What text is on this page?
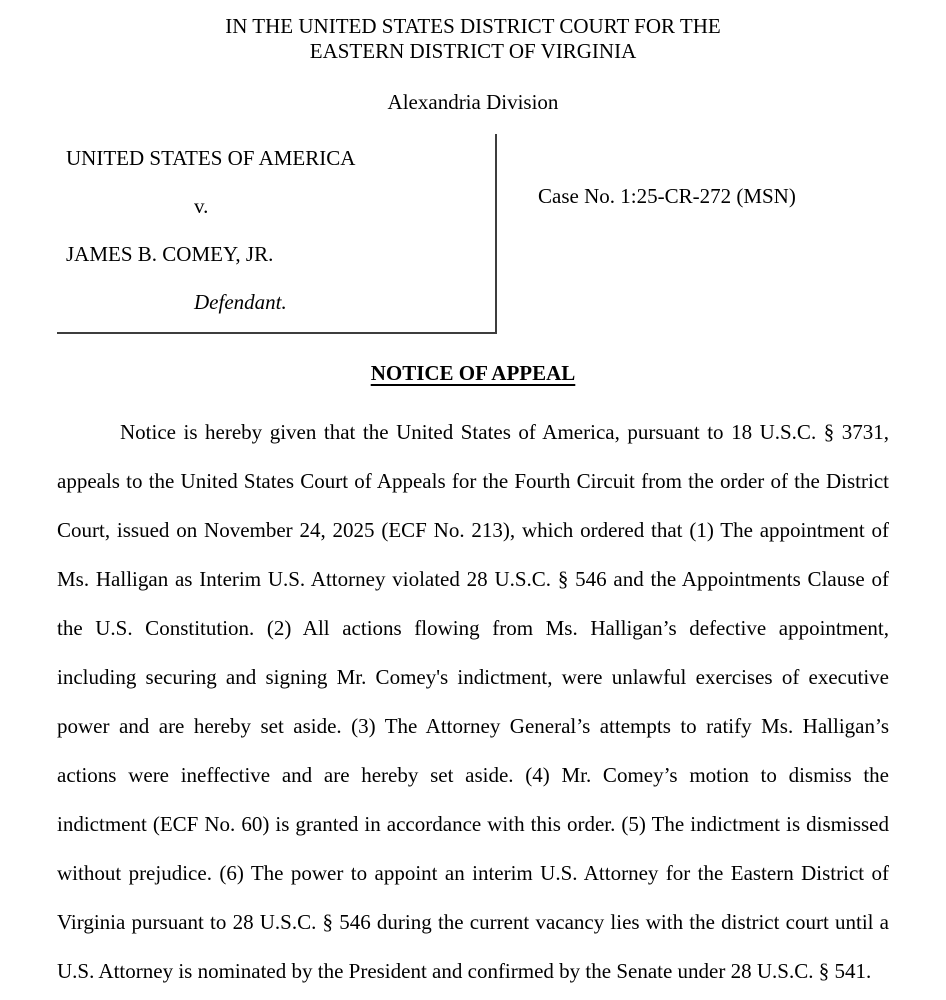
IN THE UNITED STATES DISTRICT COURT FOR THE
EASTERN DISTRICT OF VIRGINIA
Alexandria Division
UNITED STATES OF AMERICA
v.
JAMES B. COMEY, JR.
Defendant.
Case No. 1:25-CR-272 (MSN)
NOTICE OF APPEAL
Notice is hereby given that the United States of America, pursuant to 18 U.S.C. § 3731,
appeals to the United States Court of Appeals for the Fourth Circuit from the order of the District
Court, issued on November 24, 2025 (ECF No. 213), which ordered that (1) The appointment of
Ms. Halligan as Interim U.S. Attorney violated 28 U.S.C. § 546 and the Appointments Clause of
the U.S. Constitution. (2) All actions flowing from Ms. Halligan’s defective appointment,
including securing and signing Mr. Comey's indictment, were unlawful exercises of executive
power and are hereby set aside. (3) The Attorney General’s attempts to ratify Ms. Halligan’s
actions were ineffective and are hereby set aside. (4) Mr. Comey’s motion to dismiss the
indictment (ECF No. 60) is granted in accordance with this order. (5) The indictment is dismissed
without prejudice. (6) The power to appoint an interim U.S. Attorney for the Eastern District of
Virginia pursuant to 28 U.S.C. § 546 during the current vacancy lies with the district court until a
U.S. Attorney is nominated by the President and confirmed by the Senate under 28 U.S.C. § 541.
